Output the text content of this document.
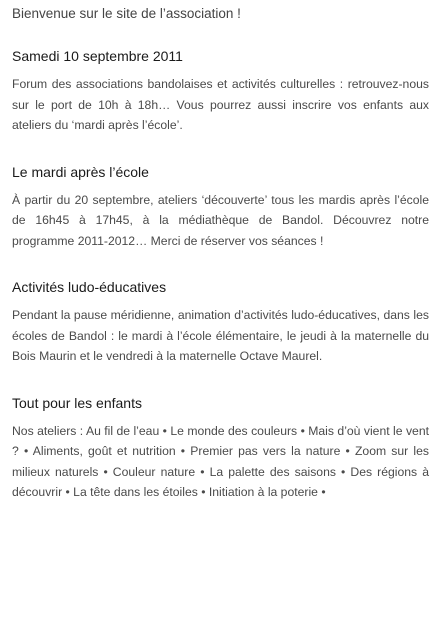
Bienvenue sur le site de l’association !

Samedi 10 septembre 2011

Forum des associations bandolaises et activités culturelles : retrouvez-nous sur le port de 10h à 18h… Vous pourrez aussi inscrire vos enfants aux ateliers du ‘mardi après l’école’.

Le mardi après l’école

À partir du 20 septembre, ateliers ‘découverte’ tous les mardis après l’école de 16h45 à 17h45, à la médiathèque de Bandol. Découvrez notre programme 2011-2012… Merci de réserver vos séances !

Activités ludo-éducatives

Pendant la pause méridienne, animation d’activités ludo-éducatives, dans les écoles de Bandol : le mardi à l’école élémentaire, le jeudi à la maternelle du Bois Maurin et le vendredi à la maternelle Octave Maurel.

Tout pour les enfants

Nos ateliers : Au fil de l’eau • Le monde des couleurs • Mais d’où vient le vent ? • Aliments, goût et nutrition • Premier pas vers la nature • Zoom sur les milieux naturels • Couleur nature • La palette des saisons • Des régions à découvrir • La tête dans les étoiles • Initiation à la poterie •
